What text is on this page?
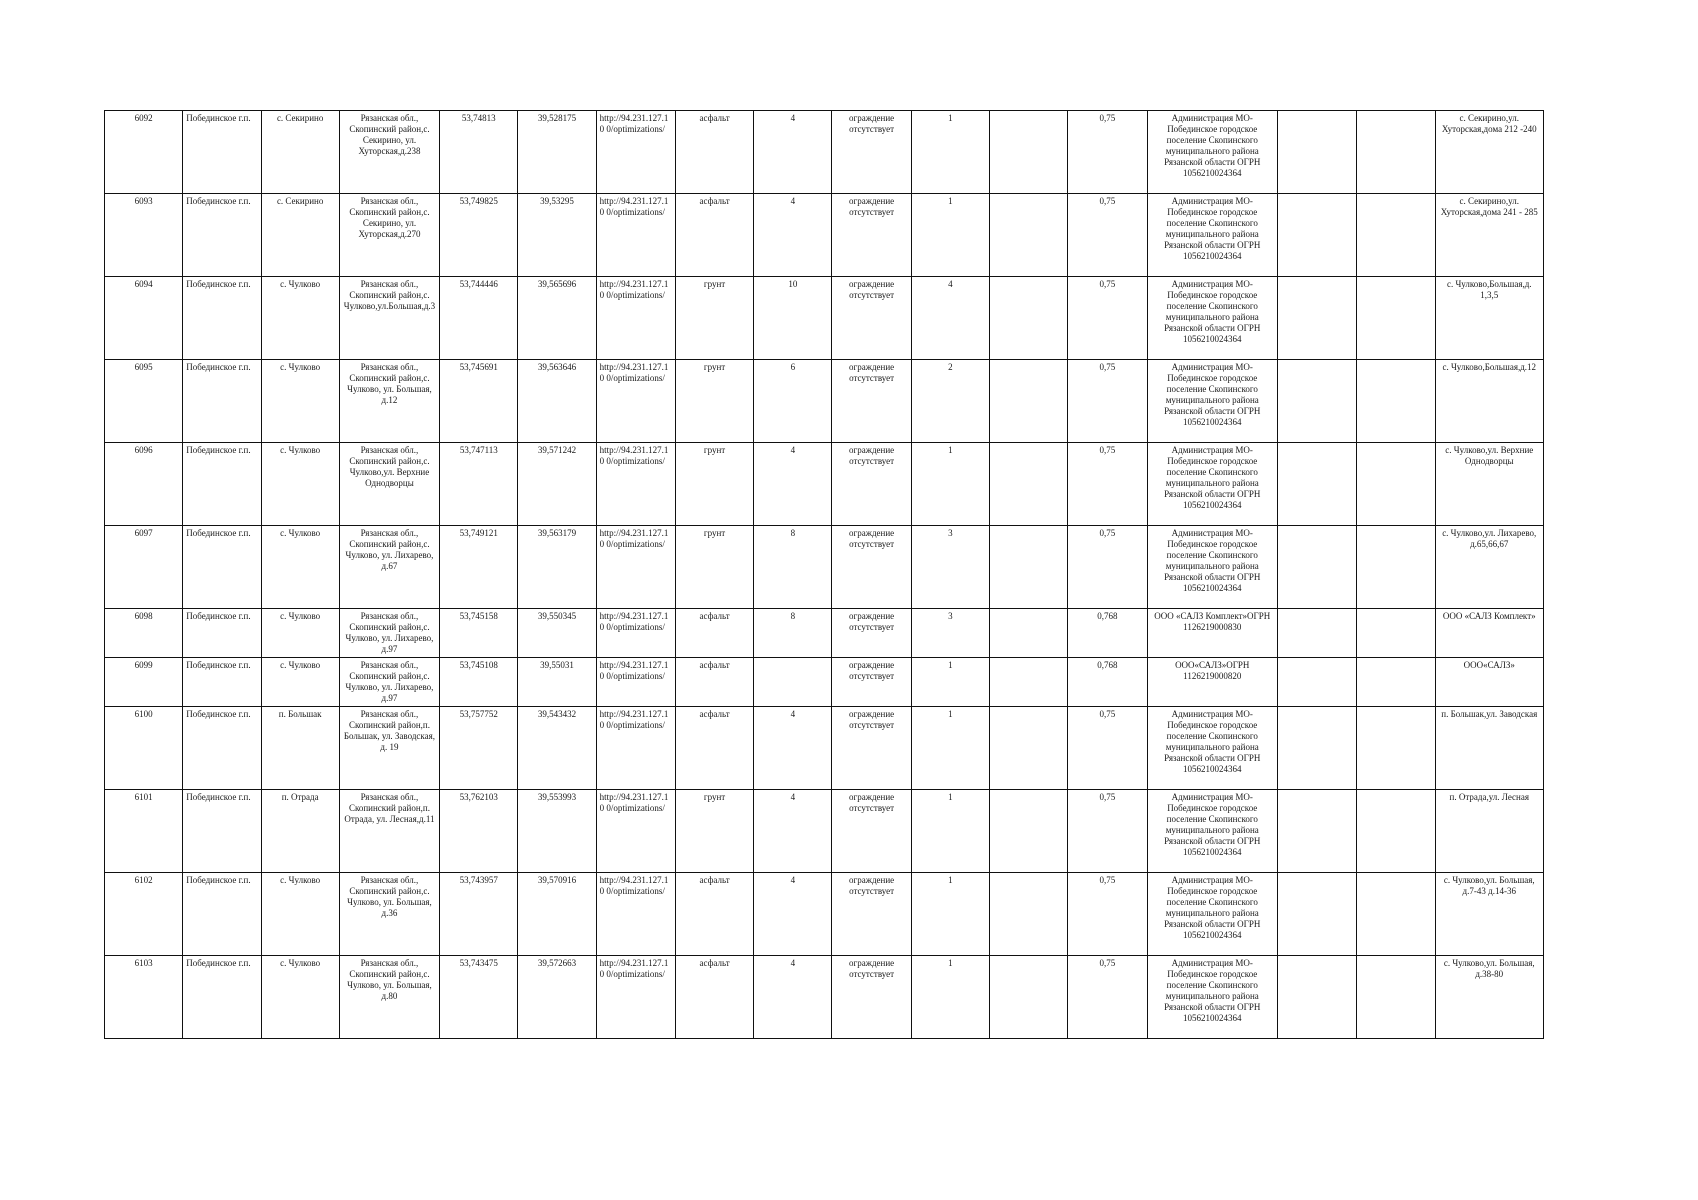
6092	Побединское г.п.	с. Секирино	Рязанская обл., Скопинский район,с. Секирино, ул. Хуторская,д.238	53,74813	39,528175	http://94.231.127.10 0/optimizations/	асфальт	4	ограждение отсутствует	1		0,75	Администрация МО-Побединское городское поселение Скопинского муниципального района Рязанской области ОГРН 1056210024364			с. Секирино,ул. Хуторская,дома 212 -240
6093	Побединское г.п.	с. Секирино	Рязанская обл., Скопинский район,с. Секирино, ул. Хуторская,д.270	53,749825	39,53295	http://94.231.127.10 0/optimizations/	асфальт	4	ограждение отсутствует	1		0,75	Администрация МО-Побединское городское поселение Скопинского муниципального района Рязанской области ОГРН 1056210024364			с. Секирино,ул. Хуторская,дома 241 - 285
6094	Побединское г.п.	с. Чулково	Рязанская обл., Скопинский район,с. Чулково,ул.Большая,д.3	53,744446	39,565696	http://94.231.127.10 0/optimizations/	грунт	10	ограждение отсутствует	4		0,75	Администрация МО-Побединское городское поселение Скопинского муниципального района Рязанской области ОГРН 1056210024364			с. Чулково,Большая,д. 1,3,5
6095	Побединское г.п.	с. Чулково	Рязанская обл., Скопинский район,с. Чулково, ул. Большая, д.12	53,745691	39,563646	http://94.231.127.10 0/optimizations/	грунт	6	ограждение отсутствует	2		0,75	Администрация МО-Побединское городское поселение Скопинского муниципального района Рязанской области ОГРН 1056210024364			с. Чулково,Большая,д.12
6096	Побединское г.п.	с. Чулково	Рязанская обл., Скопинский район,с. Чулково,ул. Верхние Однодворцы	53,747113	39,571242	http://94.231.127.10 0/optimizations/	грунт	4	ограждение отсутствует	1		0,75	Администрация МО-Побединское городское поселение Скопинского муниципального района Рязанской области ОГРН 1056210024364			с. Чулково,ул. Верхние Однодворцы
6097	Побединское г.п.	с. Чулково	Рязанская обл., Скопинский район,с. Чулково, ул. Лихарево, д.67	53,749121	39,563179	http://94.231.127.10 0/optimizations/	грунт	8	ограждение отсутствует	3		0,75	Администрация МО-Побединское городское поселение Скопинского муниципального района Рязанской области ОГРН 1056210024364			с. Чулково,ул. Лихарево, д.65,66,67
6098	Побединское г.п.	с. Чулково	Рязанская обл., Скопинский район,с. Чулково, ул. Лихарево, д.97	53,745158	39,550345	http://94.231.127.10 0/optimizations/	асфальт	8	ограждение отсутствует	3		0,768	ООО «САЛЗ Комплект»ОГРН 1126219000830			ООО «САЛЗ Комплект»
6099	Побединское г.п.	с. Чулково	Рязанская обл., Скопинский район,с. Чулково, ул. Лихарево, д.97	53,745108	39,55031	http://94.231.127.10 0/optimizations/	асфальт		ограждение отсутствует	1		0,768	ООО«САЛЗ»ОГРН 1126219000820			ООО«САЛЗ»
6100	Побединское г.п.	п. Большак	Рязанская обл., Скопинский район,п. Большак, ул. Заводская, д. 19	53,757752	39,543432	http://94.231.127.10 0/optimizations/	асфальт	4	ограждение отсутствует	1		0,75	Администрация МО-Побединское городское поселение Скопинского муниципального района Рязанской области ОГРН 1056210024364			п. Большак,ул. Заводская
6101	Побединское г.п.	п. Отрада	Рязанская обл., Скопинский район,п. Отрада, ул. Лесная,д.11	53,762103	39,553993	http://94.231.127.10 0/optimizations/	грунт	4	ограждение отсутствует	1		0,75	Администрация МО-Побединское городское поселение Скопинского муниципального района Рязанской области ОГРН 1056210024364			п. Отрада,ул. Лесная
6102	Побединское г.п.	с. Чулково	Рязанская обл., Скопинский район,с. Чулково, ул. Большая, д.36	53,743957	39,570916	http://94.231.127.10 0/optimizations/	асфальт	4	ограждение отсутствует	1		0,75	Администрация МО-Побединское городское поселение Скопинского муниципального района Рязанской области ОГРН 1056210024364			с. Чулково,ул. Большая, д.7-43 д.14-36
6103	Побединское г.п.	с. Чулково	Рязанская обл., Скопинский район,с. Чулково, ул. Большая, д.80	53,743475	39,572663	http://94.231.127.10 0/optimizations/	асфальт	4	ограждение отсутствует	1		0,75	Администрация МО-Побединское городское поселение Скопинского муниципального района Рязанской области ОГРН 1056210024364			с. Чулково,ул. Большая, д.38-80
